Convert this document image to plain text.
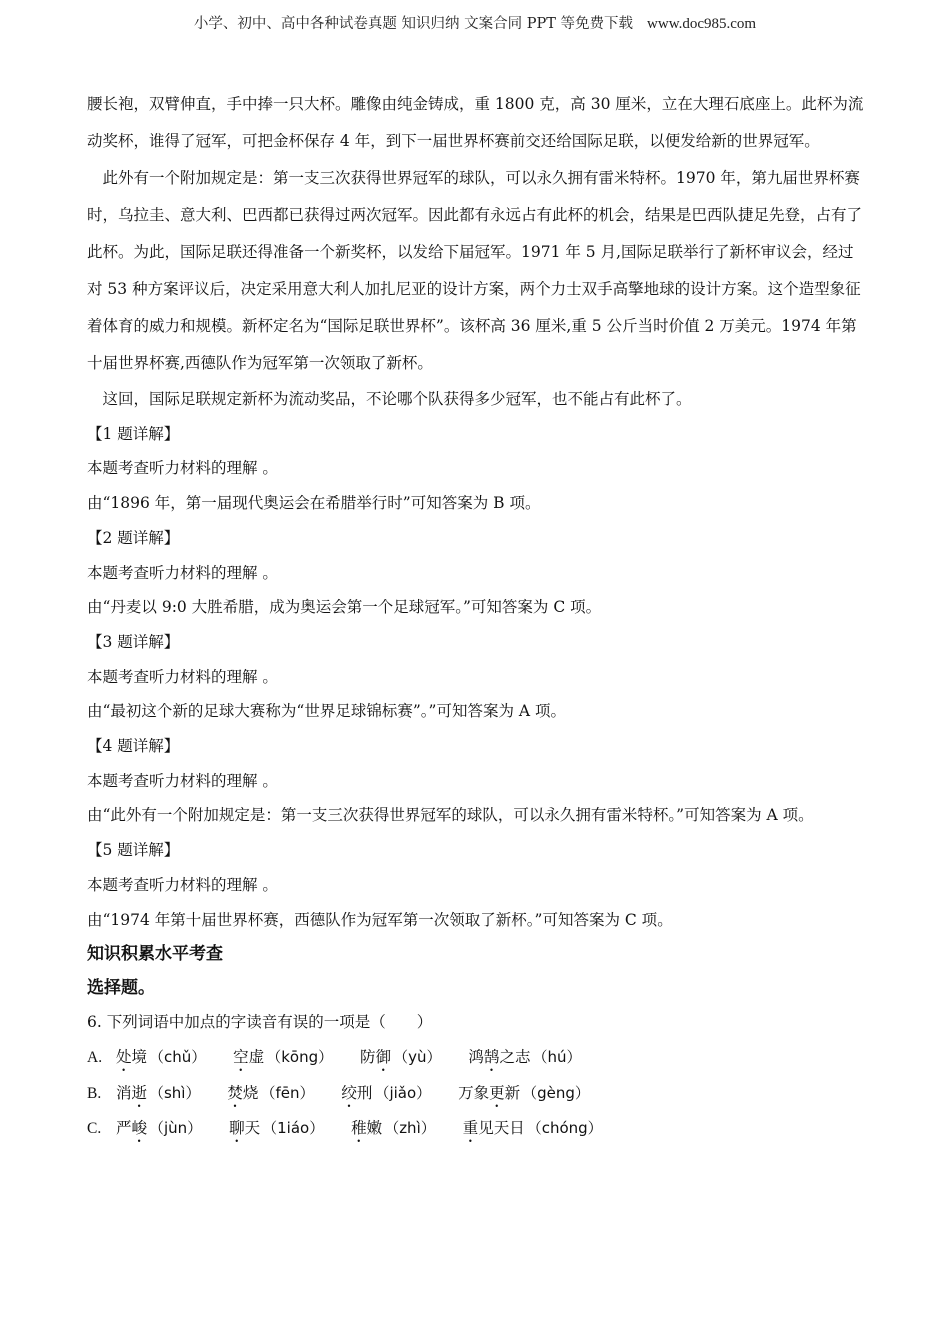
小学、初中、高中各种试卷真题 知识归纳 文案合同 PPT 等免费下载 www.doc985.com

腰长袍，双臂伸直，手中捧一只大杯。雕像由纯金铸成，重 1800 克，高 30 厘米，立在大理石底座上。此杯为流动奖杯，谁得了冠军，可把金杯保存 4 年，到下一届世界杯赛前交还给国际足联，以便发给新的世界冠军。

此外有一个附加规定是：第一支三次获得世界冠军的球队，可以永久拥有雷米特杯。1970 年，第九届世界杯赛时，乌拉圭、意大利、巴西都已获得过两次冠军。因此都有永远占有此杯的机会，结果是巴西队捷足先登，占有了此杯。为此，国际足联还得准备一个新奖杯，以发给下届冠军。1971 年 5 月,国际足联举行了新杯审议会，经过对 53 种方案评议后，决定采用意大利人加扎尼亚的设计方案，两个力士双手高擎地球的设计方案。这个造型象征着体育的威力和规模。新杯定名为“国际足联世界杯”。该杯高 36 厘米,重 5 公斤当时价值 2 万美元。1974 年第十届世界杯赛,西德队作为冠军第一次领取了新杯。

这回，国际足联规定新杯为流动奖品，不论哪个队获得多少冠军，也不能占有此杯了。

【1 题详解】

本题考查听力材料的理解 。

由“1896 年，第一届现代奥运会在希腊举行时”可知答案为 B 项。

【2 题详解】

本题考查听力材料的理解 。

由“丹麦以 9:0 大胜希腊，成为奥运会第一个足球冠军。”可知答案为 C 项。

【3 题详解】

本题考查听力材料的理解 。

由“最初这个新的足球大赛称为“世界足球锦标赛”。”可知答案为 A 项。

【4 题详解】

本题考查听力材料的理解 。

由“此外有一个附加规定是：第一支三次获得世界冠军的球队，可以永久拥有雷米特杯。”可知答案为 A 项。

【5 题详解】

本题考查听力材料的理解 。

由“1974 年第十届世界杯赛，西德队作为冠军第一次领取了新杯。”可知答案为 C 项。

知识积累水平考查

选择题。

6. 下列词语中加点的字读音有误的一项是（　　）

A. 处境 （chǔ） 空虚 （kōng） 防御 （yù） 鸿鹄之志 （hú）

B. 消逝 （shì） 焚烧 （fēn） 绞刑 （jiǎo） 万象更新 （gèng）

C. 严峻 （jùn） 聊天 （1iáo） 稚嫩 （zhì） 重见天日 （chóng）
